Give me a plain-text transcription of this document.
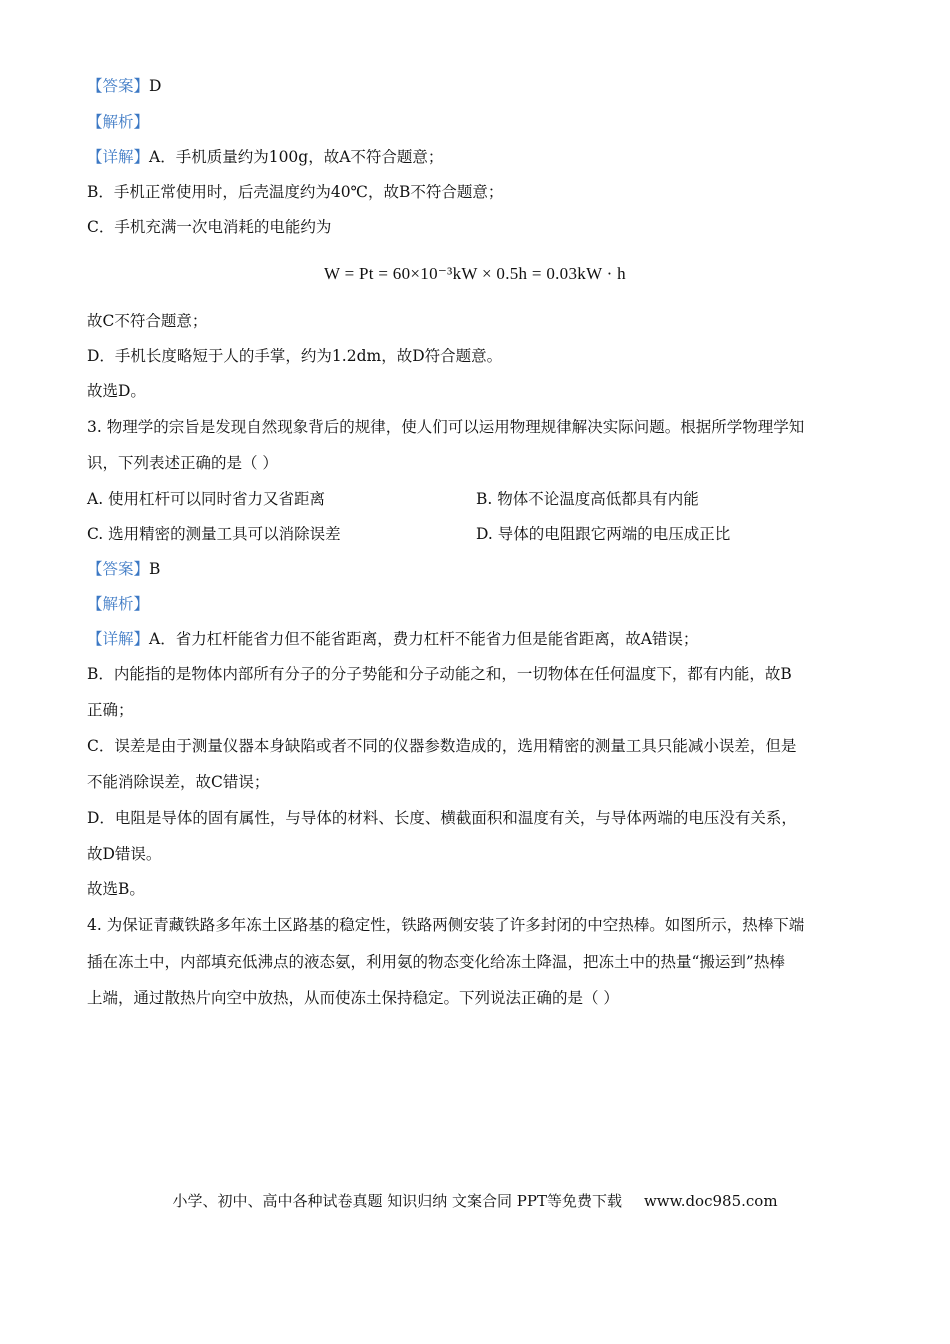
【答案】D
【解析】
【详解】A．手机质量约为100g，故A不符合题意；
B．手机正常使用时，后壳温度约为40℃，故B不符合题意；
C．手机充满一次电消耗的电能约为
W = Pt = 60×10⁻³kW × 0.5h = 0.03kW · h
故C不符合题意；
D．手机长度略短于人的手掌，约为1.2dm，故D符合题意。
故选D。
3. 物理学的宗旨是发现自然现象背后的规律，使人们可以运用物理规律解决实际问题。根据所学物理学知
识，下列表述正确的是（ ）
A. 使用杠杆可以同时省力又省距离	B. 物体不论温度高低都具有内能
C. 选用精密的测量工具可以消除误差	D. 导体的电阻跟它两端的电压成正比
【答案】B
【解析】
【详解】A．省力杠杆能省力但不能省距离，费力杠杆不能省力但是能省距离，故A错误；
B．内能指的是物体内部所有分子的分子势能和分子动能之和，一切物体在任何温度下，都有内能，故B
正确；
C．误差是由于测量仪器本身缺陷或者不同的仪器参数造成的，选用精密的测量工具只能减小误差，但是
不能消除误差，故C错误；
D．电阻是导体的固有属性，与导体的材料、长度、横截面积和温度有关，与导体两端的电压没有关系，
故D错误。
故选B。
4. 为保证青藏铁路多年冻土区路基的稳定性，铁路两侧安装了许多封闭的中空热棒。如图所示，热棒下端
插在冻土中，内部填充低沸点的液态氨，利用氨的物态变化给冻土降温，把冻土中的热量“搬运到”热棒
上端，通过散热片向空中放热，从而使冻土保持稳定。下列说法正确的是（ ）
小学、初中、高中各种试卷真题 知识归纳 文案合同 PPT等免费下载 www.doc985.com
